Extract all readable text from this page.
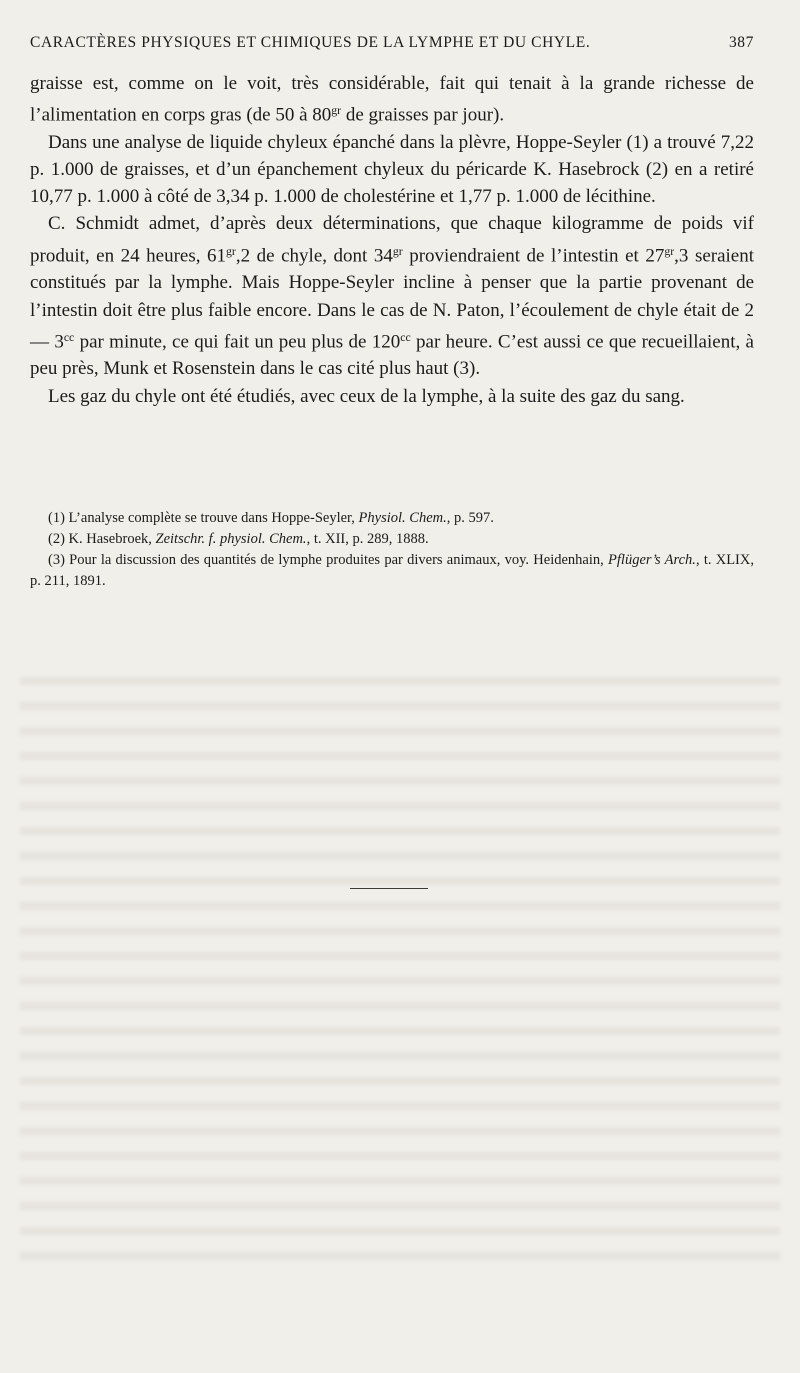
CARACTÈRES PHYSIQUES ET CHIMIQUES DE LA LYMPHE ET DU CHYLE.	387

graisse est, comme on le voit, très considérable, fait qui tenait à la grande richesse de l’alimentation en corps gras (de 50 à $80^{gr}$ de graisses par jour).

Dans une analyse de liquide chyleux épanché dans la plèvre, Hoppe-Seyler (1) a trouvé 7,22 p. 1.000 de graisses, et d’un épanchement chyleux du péricarde K. Hasebrock (2) en a retiré 10,77 p. 1.000 à côté de 3,34 p. 1.000 de cholestérine et 1,77 p. 1.000 de lécithine.

C. Schmidt admet, d’après deux déterminations, que chaque kilogramme de poids vif produit, en 24 heures, $61^{gr},2$ de chyle, dont $34^{gr}$ proviendraient de l’intestin et $27^{gr},3$ seraient constitués par la lymphe. Mais Hoppe-Seyler incline à penser que la partie provenant de l’intestin doit être plus faible encore. Dans le cas de N. Paton, l’écoulement de chyle était de 2 — $3^{cc}$ par minute, ce qui fait un peu plus de $120^{cc}$ par heure. C’est aussi ce que recueillaient, à peu près, Munk et Rosenstein dans le cas cité plus haut (3).

Les gaz du chyle ont été étudiés, avec ceux de la lymphe, à la suite des gaz du sang.

(1) L’analyse complète se trouve dans Hoppe-Seyler, Physiol. Chem., p. 597.

(2) K. Hasebroek, Zeitschr. f. physiol. Chem., t. XII, p. 289, 1888.

(3) Pour la discussion des quantités de lymphe produites par divers animaux, voy. Heidenhain, Pflüger’s Arch., t. XLIX, p. 211, 1891.
